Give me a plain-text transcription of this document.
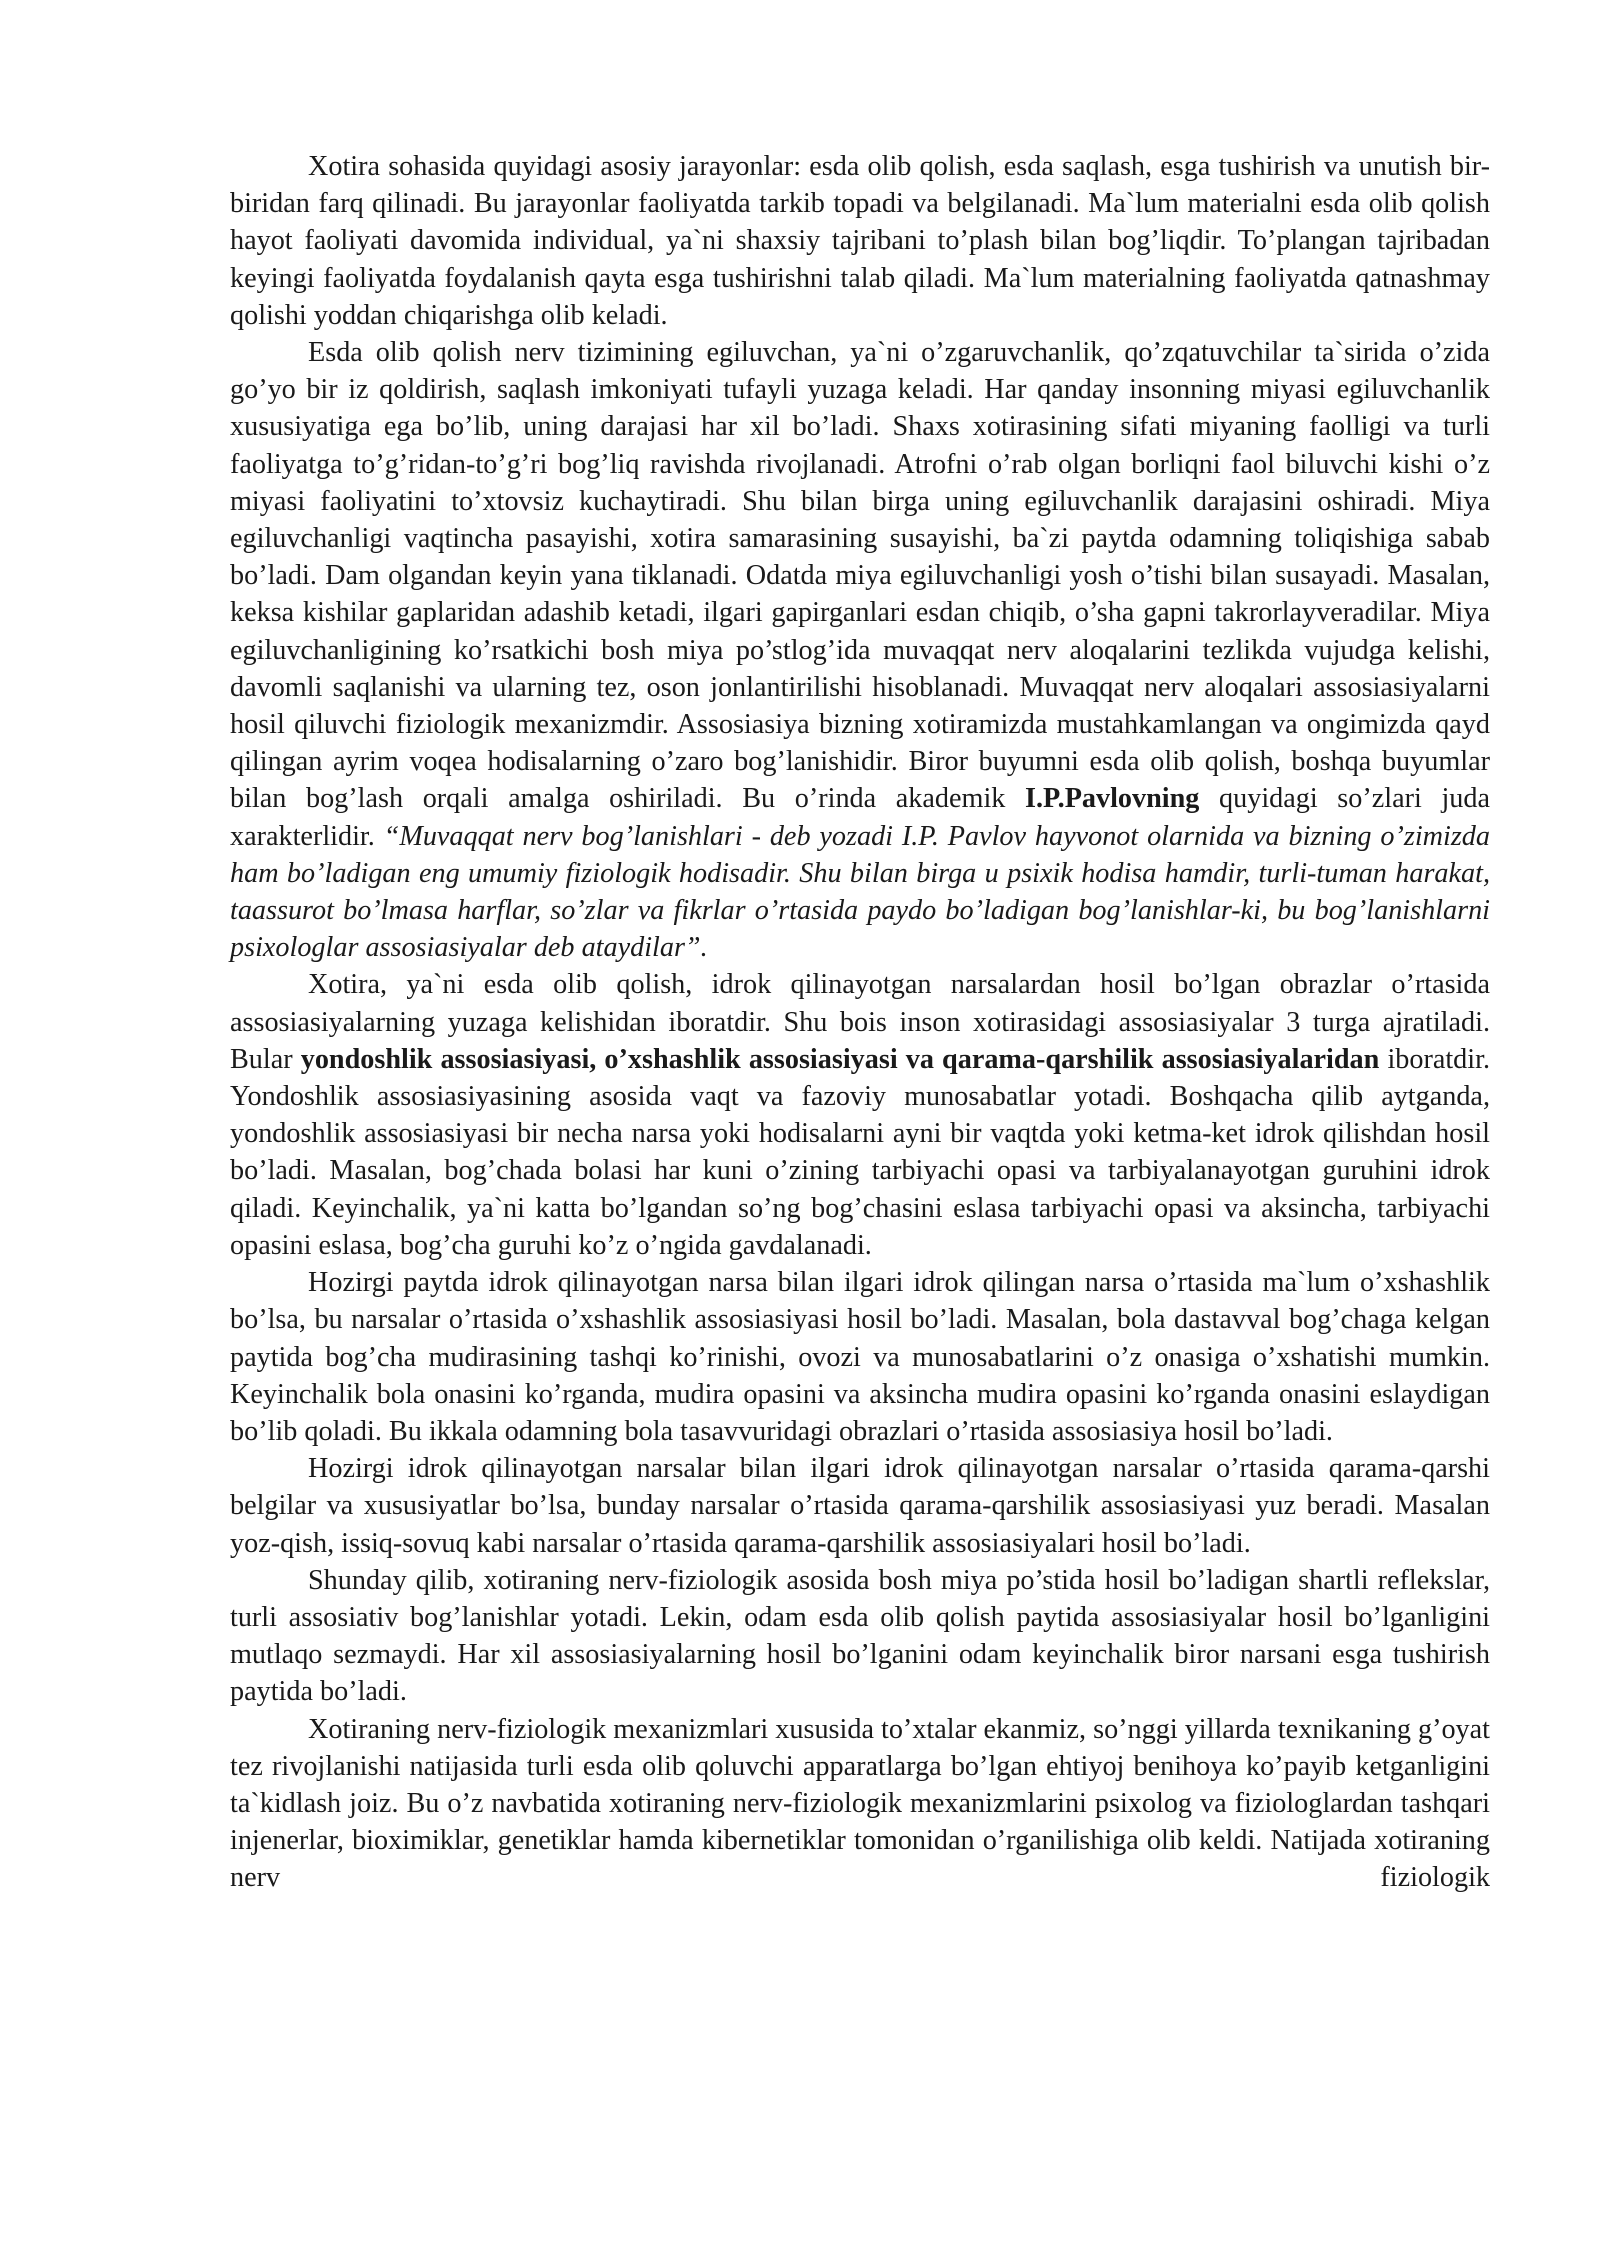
Xotira sohasida quyidagi asosiy jarayonlar: esda olib qolish, esda saqlash, esga tushirish va unutish bir-biridan farq qilinadi. Bu jarayonlar faoliyatda tarkib topadi va belgilanadi. Ma`lum materialni esda olib qolish hayot faoliyati davomida individual, ya`ni shaxsiy tajribani to’plash bilan bog’liqdir. To’plangan tajribadan keyingi faoliyatda foydalanish qayta esga tushirishni talab qiladi. Ma`lum materialning faoliyatda qatnashmay qolishi yoddan chiqarishga olib keladi.

Esda olib qolish nerv tizimining egiluvchan, ya`ni o’zgaruvchanlik, qo’zqatuvchilar ta`sirida o’zida go’yo bir iz qoldirish, saqlash imkoniyati tufayli yuzaga keladi. Har qanday insonning miyasi egiluvchanlik xususiyatiga ega bo’lib, uning darajasi har xil bo’ladi. Shaxs xotirasining sifati miyaning faolligi va turli faoliyatga to’g’ridan-to’g’ri bog’liq ravishda rivojlanadi. Atrofni o’rab olgan borliqni faol biluvchi kishi o’z miyasi faoliyatini to’xtovsiz kuchaytiradi. Shu bilan birga uning egiluvchanlik darajasini oshiradi. Miya egiluvchanligi vaqtincha pasayishi, xotira samarasining susayishi, ba`zi paytda odamning toliqishiga sabab bo’ladi. Dam olgandan keyin yana tiklanadi. Odatda miya egiluvchanligi yosh o’tishi bilan susayadi. Masalan, keksa kishilar gaplaridan adashib ketadi, ilgari gapirganlari esdan chiqib, o’sha gapni takrorlayveradilar. Miya egiluvchanligining ko’rsatkichi bosh miya po’stlog’ida muvaqqat nerv aloqalarini tezlikda vujudga kelishi, davomli saqlanishi va ularning tez, oson jonlantirilishi hisoblanadi. Muvaqqat nerv aloqalari assosiasiyalarni hosil qiluvchi fiziologik mexanizmdir. Assosiasiya bizning xotiramizda mustahkamlangan va ongimizda qayd qilingan ayrim voqea hodisalarning o’zaro bog’lanishidir. Biror buyumni esda olib qolish, boshqa buyumlar bilan bog’lash orqali amalga oshiriladi. Bu o’rinda akademik I.P.Pavlovning quyidagi so’zlari juda xarakterlidir. “Muvaqqat nerv bog’lanishlari - deb yozadi I.P. Pavlov hayvonot olarnida va bizning o’zimizda ham bo’ladigan eng umumiy fiziologik hodisadir. Shu bilan birga u psixik hodisa hamdir, turli-tuman harakat, taassurot bo’lmasa harflar, so’zlar va fikrlar o’rtasida paydo bo’ladigan bog’lanishlar-ki, bu bog’lanishlarni psixologlar assosiasiyalar deb ataydilar”.

Xotira, ya`ni esda olib qolish, idrok qilinayotgan narsalardan hosil bo’lgan obrazlar o’rtasida assosiasiyalarning yuzaga kelishidan iboratdir. Shu bois inson xotirasidagi assosiasiyalar 3 turga ajratiladi. Bular yondoshlik assosiasiyasi, o’xshashlik assosiasiyasi va qarama-qarshilik assosiasiyalaridan iboratdir. Yondoshlik assosiasiyasining asosida vaqt va fazoviy munosabatlar yotadi. Boshqacha qilib aytganda, yondoshlik assosiasiyasi bir necha narsa yoki hodisalarni ayni bir vaqtda yoki ketma-ket idrok qilishdan hosil bo’ladi. Masalan, bog’chada bolasi har kuni o’zining tarbiyachi opasi va tarbiyalanayotgan guruhini idrok qiladi. Keyinchalik, ya`ni katta bo’lgandan so’ng bog’chasini eslasa tarbiyachi opasi va aksincha, tarbiyachi opasini eslasa, bog’cha guruhi ko’z o’ngida gavdalanadi.

Hozirgi paytda idrok qilinayotgan narsa bilan ilgari idrok qilingan narsa o’rtasida ma`lum o’xshashlik bo’lsa, bu narsalar o’rtasida o’xshashlik assosiasiyasi hosil bo’ladi. Masalan, bola dastavval bog’chaga kelgan paytida bog’cha mudirasining tashqi ko’rinishi, ovozi va munosabatlarini o’z onasiga o’xshatishi mumkin. Keyinchalik bola onasini ko’rganda, mudira opasini va aksincha mudira opasini ko’rganda onasini eslaydigan bo’lib qoladi. Bu ikkala odamning bola tasavvuridagi obrazlari o’rtasida assosiasiya hosil bo’ladi.

Hozirgi idrok qilinayotgan narsalar bilan ilgari idrok qilinayotgan narsalar o’rtasida qarama-qarshi belgilar va xususiyatlar bo’lsa, bunday narsalar o’rtasida qarama-qarshilik assosiasiyasi yuz beradi. Masalan yoz-qish, issiq-sovuq kabi narsalar o’rtasida qarama-qarshilik assosiasiyalari hosil bo’ladi.

Shunday qilib, xotiraning nerv-fiziologik asosida bosh miya po’stida hosil bo’ladigan shartli reflekslar, turli assosiativ bog’lanishlar yotadi. Lekin, odam esda olib qolish paytida assosiasiyalar hosil bo’lganligini mutlaqo sezmaydi. Har xil assosiasiyalarning hosil bo’lganini odam keyinchalik biror narsani esga tushirish paytida bo’ladi.

Xotiraning nerv-fiziologik mexanizmlari xususida to’xtalar ekanmiz, so’nggi yillarda texnikaning g’oyat tez rivojlanishi natijasida turli esda olib qoluvchi apparatlarga bo’lgan ehtiyoj benihoya ko’payib ketganligini ta`kidlash joiz. Bu o’z navbatida xotiraning nerv-fiziologik mexanizmlarini psixolog va fiziologlardan tashqari injenerlar, bioximiklar, genetiklar hamda kibernetiklar tomonidan o’rganilishiga olib keldi. Natijada xotiraning nerv fiziologik
